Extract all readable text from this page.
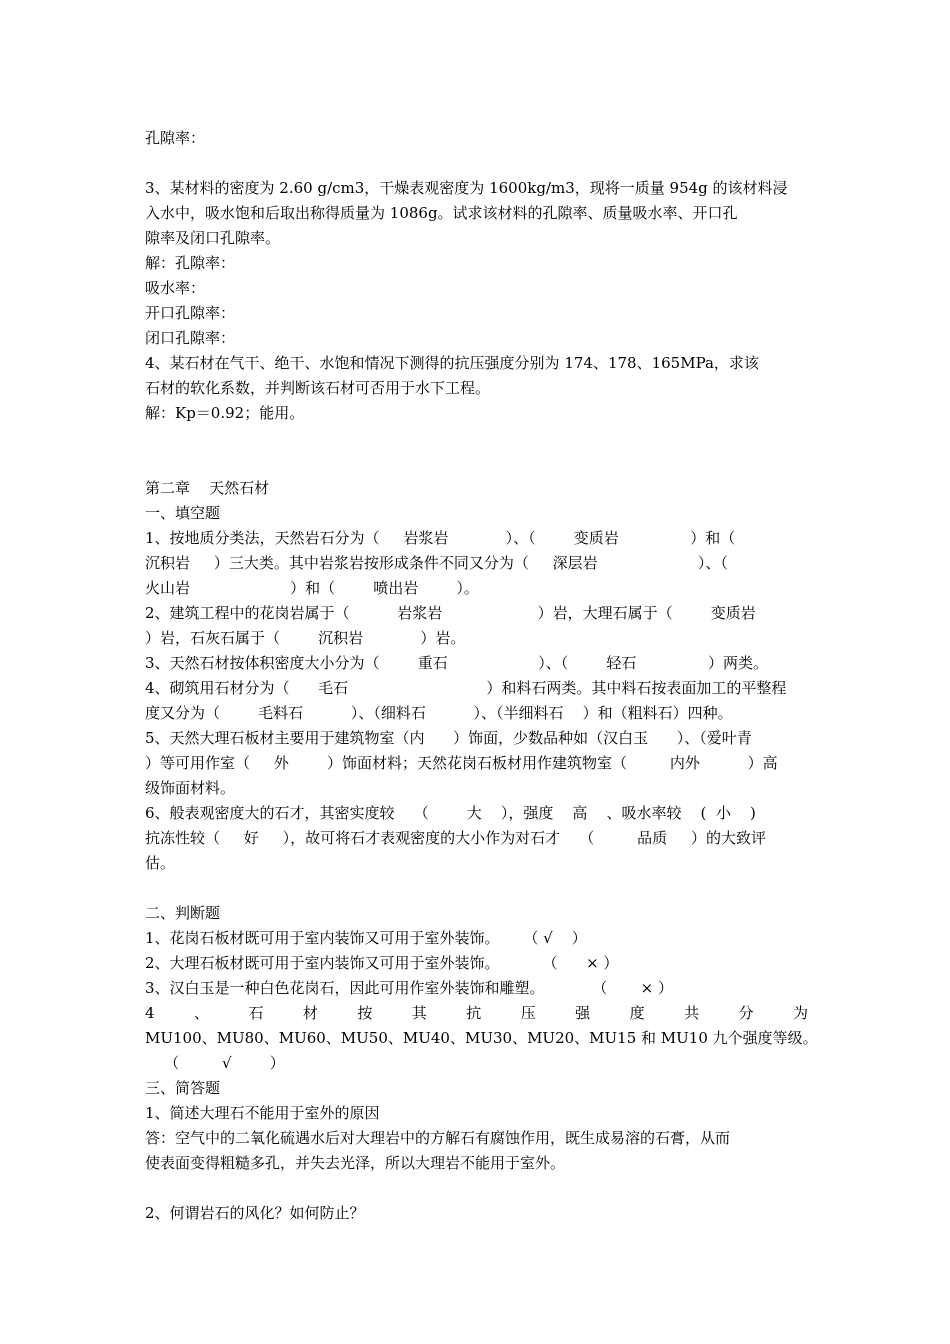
孔隙率：
3、某材料的密度为 2.60 g/cm3，干燥表观密度为 1600kg/m3，现将一质量 954g 的该材料浸
入水中，吸水饱和后取出称得质量为 1086g。试求该材料的孔隙率、质量吸水率、开口孔
隙率及闭口孔隙率。
解：孔隙率：
吸水率：
开口孔隙率：
闭口孔隙率：
4、某石材在气干、绝干、水饱和情况下测得的抗压强度分别为 174、178、165MPa，求该
石材的软化系数，并判断该石材可否用于水下工程。
解：Kp＝0.92；能用。
第二章    天然石材
一、填空题
1、按地质分类法，天然岩石分为（     岩浆岩            ）、（        变质岩               ）和（
沉积岩     ）三大类。其中岩浆岩按形成条件不同又分为（     深层岩                     ）、（
火山岩                     ）和（        喷出岩        ）。
2、建筑工程中的花岗岩属于（          岩浆岩                    ）岩，大理石属于（        变质岩
）岩，石灰石属于（        沉积岩            ）岩。
3、天然石材按体积密度大小分为（        重石                   ）、（        轻石               ）两类。
4、砌筑用石材分为（      毛石                             ）和料石两类。其中料石按表面加工的平整程
度又分为（        毛料石          ）、（细料石          ）、（半细料石    ）和（粗料石）四种。
5、天然大理石板材主要用于建筑物室（内      ）饰面，少数品种如（汉白玉      ）、（爱叶青
）等可用作室（     外        ）饰面材料；天然花岗石板材用作建筑物室（         内外          ）高
级饰面材料。
6、般表观密度大的石才，其密实度较    （        大    ），强度    高    、吸水率较    (  小    )
抗冻性较（     好     ），故可将石才表观密度的大小作为对石才    （         品质     ）的大致评
估。
二、判断题
1、花岗石板材既可用于室内装饰又可用于室外装饰。     （ √    ）
2、大理石板材既可用于室内装饰又可用于室外装饰。         （      × ）
3、汉白玉是一种白色花岗石，因此可用作室外装饰和雕塑。          （       × ）
4	、	石	材	按	其	抗	压	强	度	共	分	为
MU100、MU80、MU60、MU50、MU40、MU30、MU20、MU15 和 MU10 九个强度等级。
（         √        ）
三、简答题
1、简述大理石不能用于室外的原因
答：空气中的二氧化硫遇水后对大理岩中的方解石有腐蚀作用，既生成易溶的石膏，从而
使表面变得粗糙多孔，并失去光泽，所以大理岩不能用于室外。
2、何谓岩石的风化？如何防止？
